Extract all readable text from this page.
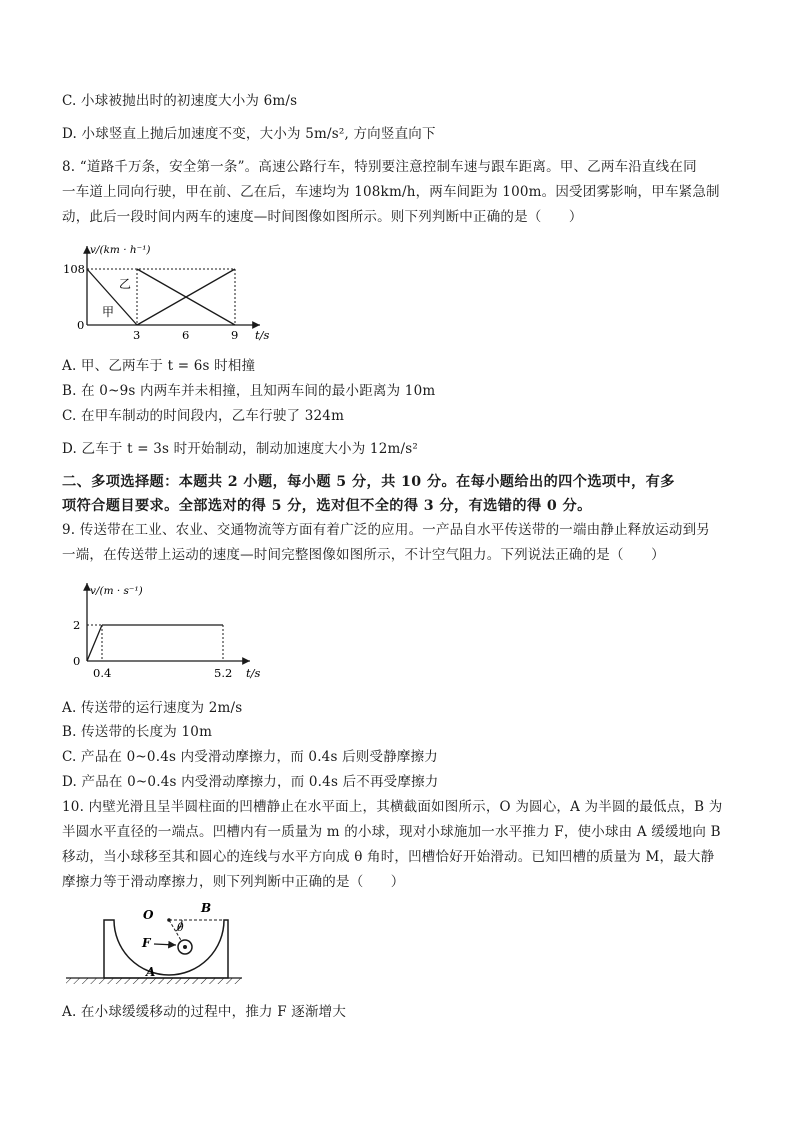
C. 小球被抛出时的初速度大小为 6m/s
D. 小球竖直上抛后加速度不变，大小为 5m/s², 方向竖直向下
8. “道路千万条，安全第一条”。高速公路行车，特别要注意控制车速与跟车距离。甲、乙两车沿直线在同
一车道上同向行驶，甲在前、乙在后，车速均为 108km/h，两车间距为 100m。因受团雾影响，甲车紧急制
动，此后一段时间内两车的速度—时间图像如图所示。则下列判断中正确的是（　　）
v/(km · h⁻¹)
108
0
3	6	9 t/s
乙
甲
A. 甲、乙两车于 t = 6s 时相撞
B. 在 0~9s 内两车并未相撞，且知两车间的最小距离为 10m
C. 在甲车制动的时间段内，乙车行驶了 324m
D. 乙车于 t = 3s 时开始制动，制动加速度大小为 12m/s²
二、多项选择题：本题共 2 小题，每小题 5 分，共 10 分。在每小题给出的四个选项中，有多
项符合题目要求。全部选对的得 5 分，选对但不全的得 3 分，有选错的得 0 分。
9. 传送带在工业、农业、交通物流等方面有着广泛的应用。一产品自水平传送带的一端由静止释放运动到另
一端，在传送带上运动的速度—时间完整图像如图所示，不计空气阻力。下列说法正确的是（　　）
v/(m · s⁻¹)
2
0
0.4	5.2 t/s
A. 传送带的运行速度为 2m/s
B. 传送带的长度为 10m
C. 产品在 0~0.4s 内受滑动摩擦力，而 0.4s 后则受静摩擦力
D. 产品在 0~0.4s 内受滑动摩擦力，而 0.4s 后不再受摩擦力
10. 内壁光滑且呈半圆柱面的凹槽静止在水平面上，其横截面如图所示，O 为圆心，A 为半圆的最低点，B 为
半圆水平直径的一端点。凹槽内有一质量为 m 的小球，现对小球施加一水平推力 F，使小球由 A 缓缓地向 B
移动，当小球移至其和圆心的连线与水平方向成 θ 角时，凹槽恰好开始滑动。已知凹槽的质量为 M，最大静
摩擦力等于滑动摩擦力，则下列判断中正确的是（　　）
O	B
θ
F
A
A. 在小球缓缓移动的过程中，推力 F 逐渐增大
